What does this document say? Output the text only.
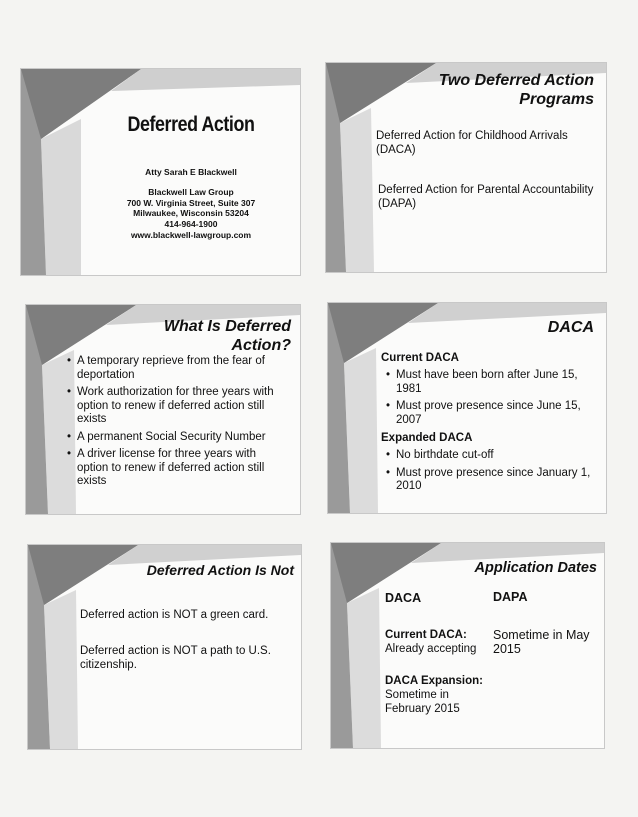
Deferred Action
Atty Sarah E Blackwell
Blackwell Law Group
700 W. Virginia Street, Suite 307
Milwaukee, Wisconsin 53204
414-964-1900
www.blackwell-lawgroup.com
Two Deferred Action Programs
Deferred Action for Childhood Arrivals (DACA)
Deferred Action for Parental Accountability (DAPA)
What Is Deferred Action?
• A temporary reprieve from the fear of deportation
• Work authorization for three years with option to renew if deferred action still exists
• A permanent Social Security Number
• A driver license for three years with option to renew if deferred action still exists
DACA
Current DACA
• Must have been born after June 15, 1981
• Must prove presence since June 15, 2007
Expanded DACA
• No birthdate cut-off
• Must prove presence since January 1, 2010
Deferred Action Is Not
Deferred action is NOT a green card.
Deferred action is NOT a path to U.S. citizenship.
Application Dates
DACA	DAPA
Current DACA:
Already accepting
Sometime in May 2015
DACA Expansion:
Sometime in February 2015
